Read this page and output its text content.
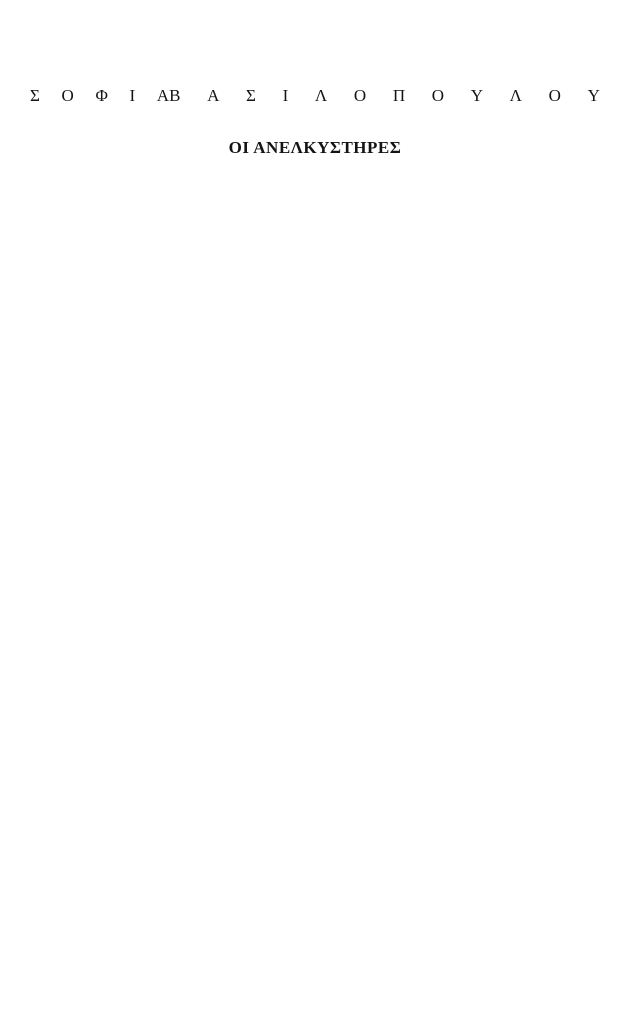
Σ Ο Φ Ι Α Β Α Σ Ι Λ Ο Π Ο Υ Λ Ο Υ
ΟΙ ΑΝΕΛΚΥΣΤΗΡΕΣ
